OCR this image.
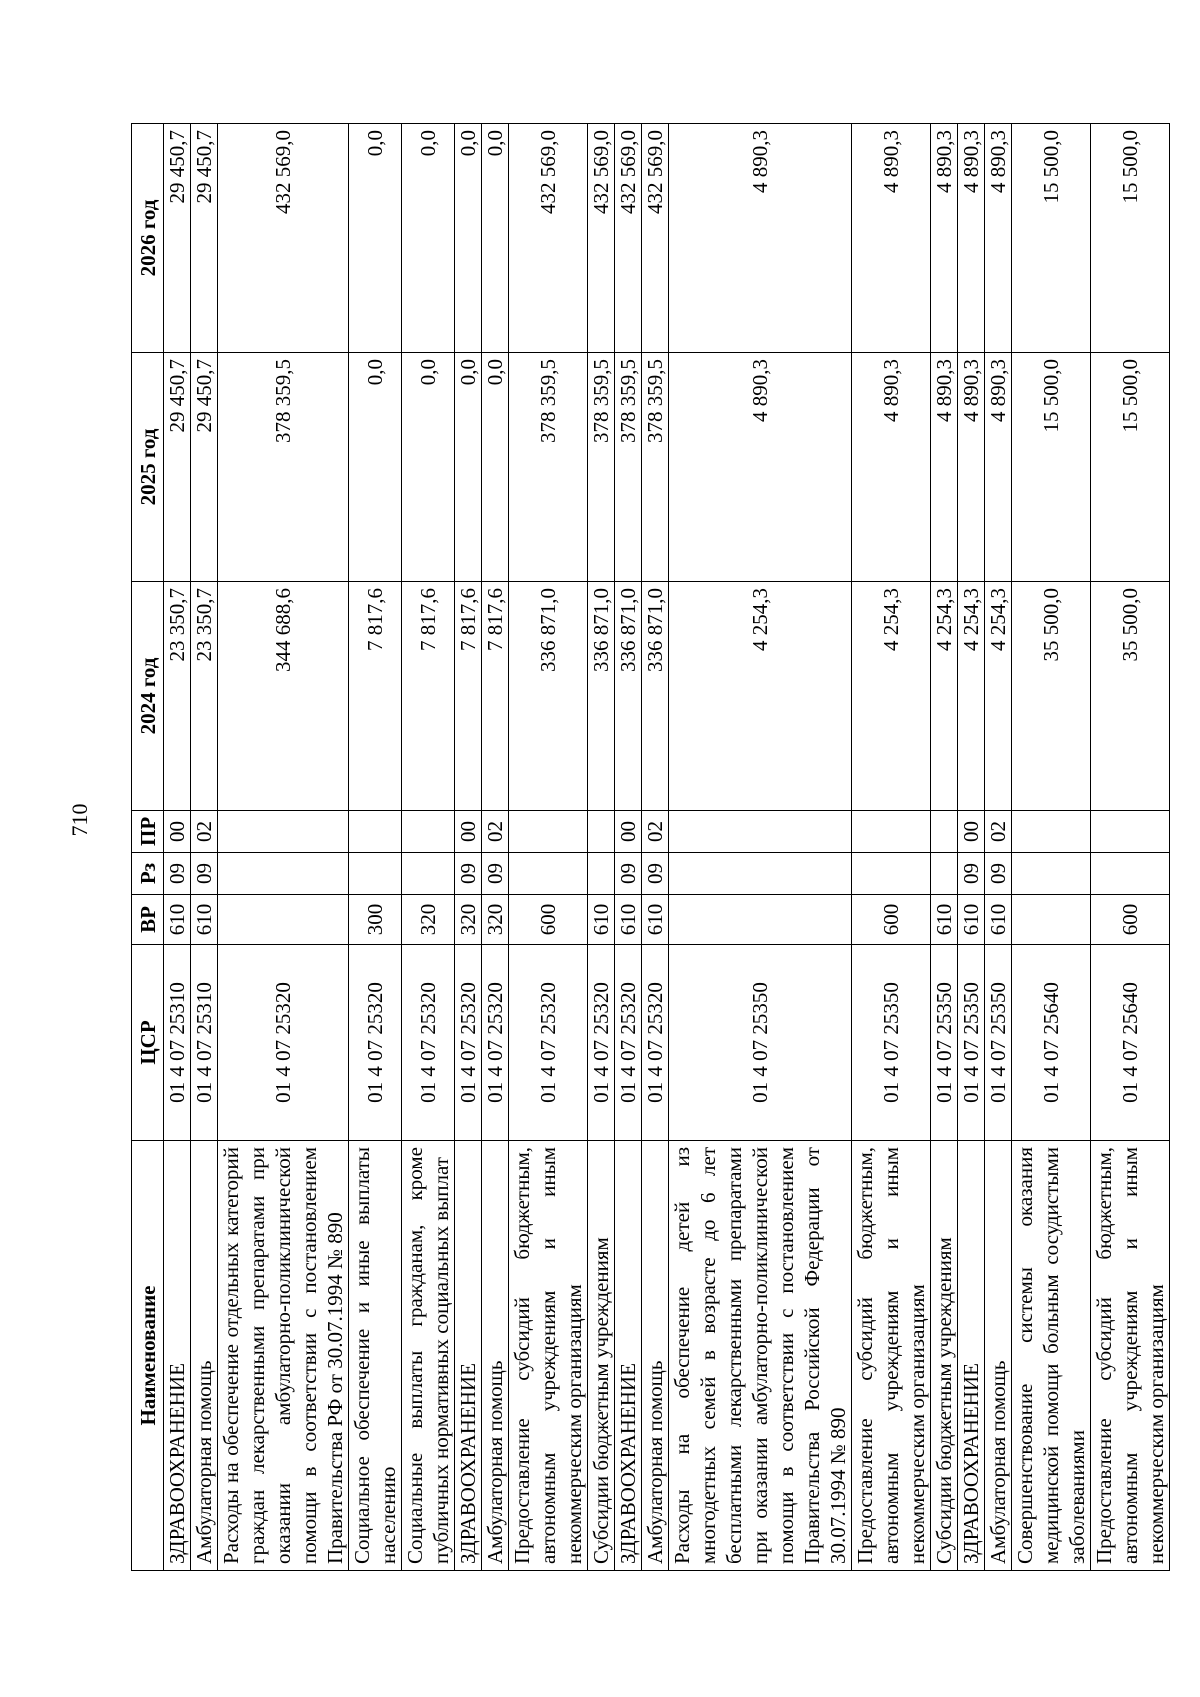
710
Наименование	ЦСР	ВР	Рз	ПР	2024 год	2025 год	2026 год
ЗДРАВООХРАНЕНИЕ	01 4 07 25310	610	09	00	23 350,7	29 450,7	29 450,7
Амбулаторная помощь	01 4 07 25310	610	09	02	23 350,7	29 450,7	29 450,7
Расходы на обеспечение отдельных категорий граждан лекарственными препаратами при оказании амбулаторно-поликлинической помощи в соответствии с постановлением Правительства РФ от 30.07.1994 № 890	01 4 07 25320				344 688,6	378 359,5	432 569,0
Социальное обеспечение и иные выплаты населению	01 4 07 25320	300			7 817,6	0,0	0,0
Социальные выплаты гражданам, кроме публичных нормативных социальных выплат	01 4 07 25320	320			7 817,6	0,0	0,0
ЗДРАВООХРАНЕНИЕ	01 4 07 25320	320	09	00	7 817,6	0,0	0,0
Амбулаторная помощь	01 4 07 25320	320	09	02	7 817,6	0,0	0,0
Предоставление субсидий бюджетным, автономным учреждениям и иным некоммерческим организациям	01 4 07 25320	600			336 871,0	378 359,5	432 569,0
Субсидии бюджетным учреждениям	01 4 07 25320	610			336 871,0	378 359,5	432 569,0
ЗДРАВООХРАНЕНИЕ	01 4 07 25320	610	09	00	336 871,0	378 359,5	432 569,0
Амбулаторная помощь	01 4 07 25320	610	09	02	336 871,0	378 359,5	432 569,0
Расходы на обеспечение детей из многодетных семей в возрасте до 6 лет бесплатными лекарственными препаратами при оказании амбулаторно-поликлинической помощи в соответствии с постановлением Правительства Российской Федерации от 30.07.1994 № 890	01 4 07 25350				4 254,3	4 890,3	4 890,3
Предоставление субсидий бюджетным, автономным учреждениям и иным некоммерческим организациям	01 4 07 25350	600			4 254,3	4 890,3	4 890,3
Субсидии бюджетным учреждениям	01 4 07 25350	610			4 254,3	4 890,3	4 890,3
ЗДРАВООХРАНЕНИЕ	01 4 07 25350	610	09	00	4 254,3	4 890,3	4 890,3
Амбулаторная помощь	01 4 07 25350	610	09	02	4 254,3	4 890,3	4 890,3
Совершенствование системы оказания медицинской помощи больным сосудистыми заболеваниями	01 4 07 25640				35 500,0	15 500,0	15 500,0
Предоставление субсидий бюджетным, автономным учреждениям и иным некоммерческим организациям	01 4 07 25640	600			35 500,0	15 500,0	15 500,0
